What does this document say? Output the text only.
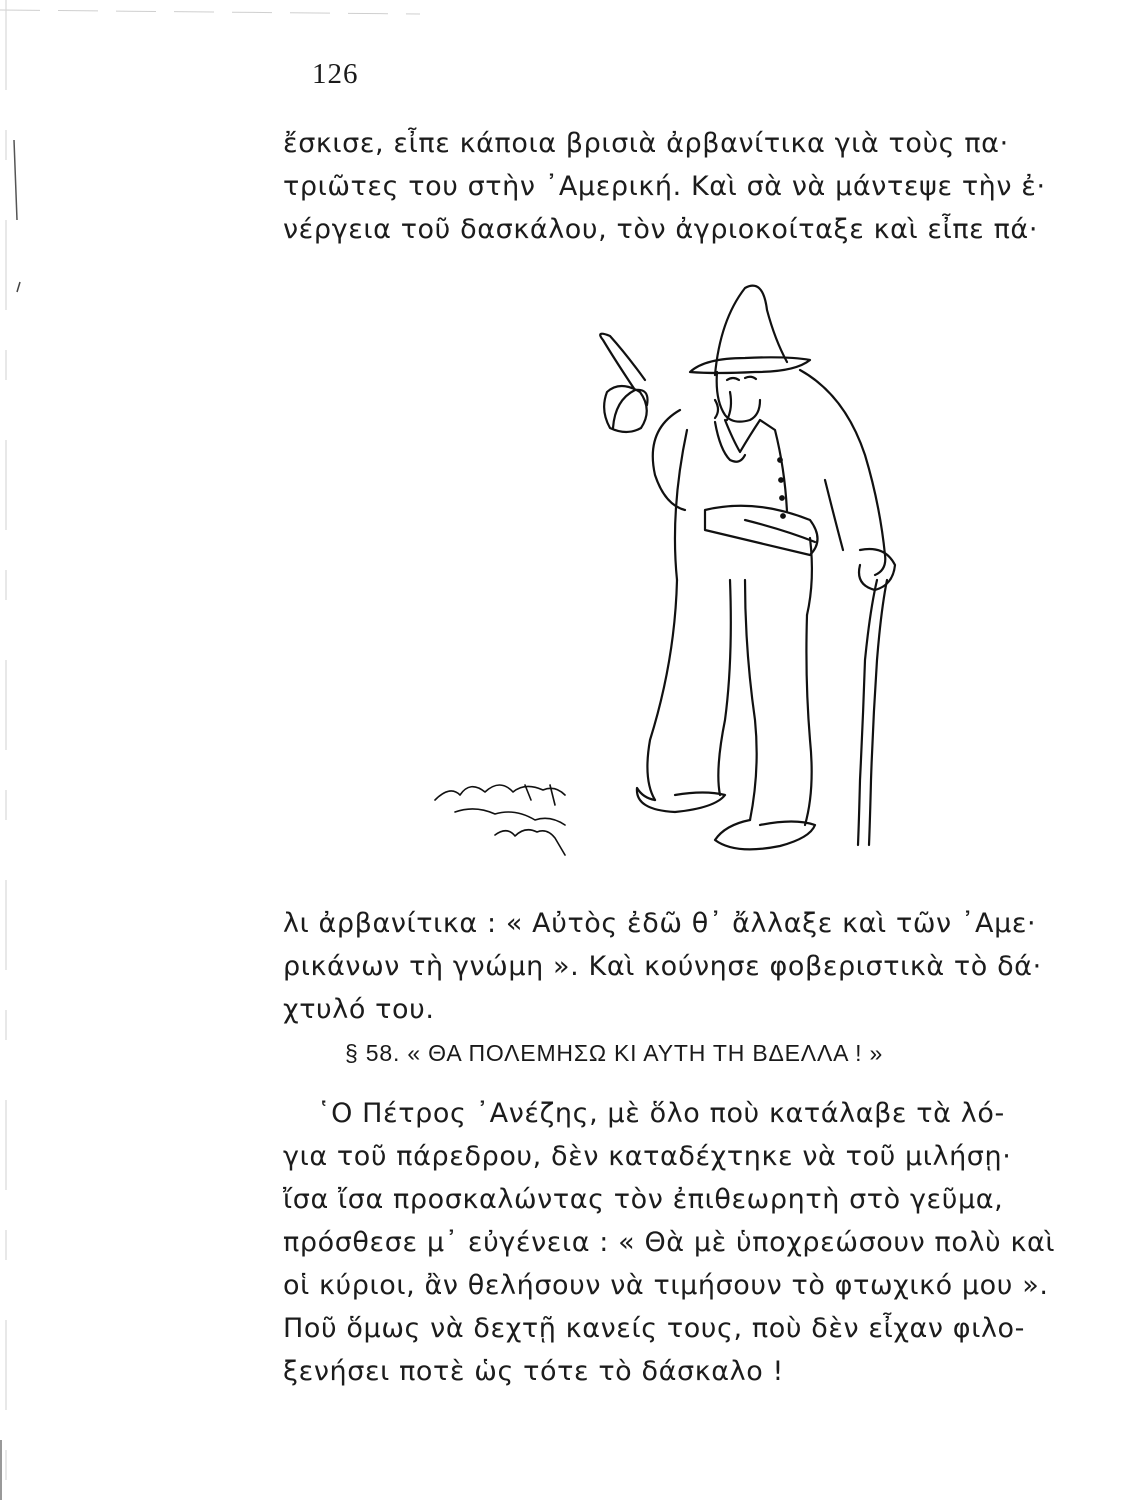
126
ἔσκισε, εἶπε κάποια βρισιὰ ἀρβανίτικα γιὰ τοὺς πα·
τριῶτες του στὴν ᾿Αμερική. Καὶ σὰ νὰ μάντεψε τὴν ἐ·
νέργεια τοῦ δασκάλου, τὸν ἀγριοκοίταξε καὶ εἶπε πά·
λι ἀρβανίτικα : « Αὐτὸς ἐδῶ θ᾿ ἄλλαξε καὶ τῶν ᾿Αμε·
ρικάνων τὴ γνώμη ». Καὶ κούνησε φοβεριστικὰ τὸ δά·
χτυλό του.
§ 58. « ΘΑ ΠΟΛΕΜΗΣΩ ΚΙ ΑΥΤΗ ΤΗ ΒΔΕΛΛΑ ! »
῾Ο Πέτρος ᾿Ανέζης, μὲ ὅλο ποὺ κατάλαβε τὰ λό-
για τοῦ πάρεδρου, δὲν καταδέχτηκε νὰ τοῦ μιλήσῃ·
ἴσα ἴσα προσκαλώντας τὸν ἐπιθεωρητὴ στὸ γεῦμα,
πρόσθεσε μ᾿ εὐγένεια : « Θὰ μὲ ὑποχρεώσουν πολὺ καὶ
οἱ κύριοι, ἂν θελήσουν νὰ τιμήσουν τὸ φτωχικό μου ».
Ποῦ ὅμως νὰ δεχτῇ κανείς τους, ποὺ δὲν εἶχαν φιλο-
ξενήσει ποτὲ ὡς τότε τὸ δάσκαλο !
